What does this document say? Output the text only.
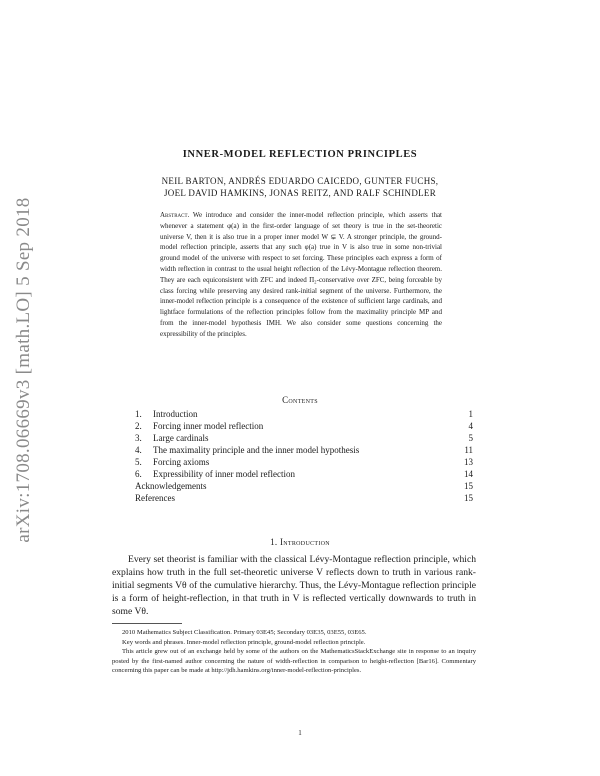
arXiv:1708.06669v3 [math.LO] 5 Sep 2018
INNER-MODEL REFLECTION PRINCIPLES
NEIL BARTON, ANDRÉS EDUARDO CAICEDO, GUNTER FUCHS,
JOEL DAVID HAMKINS, JONAS REITZ, AND RALF SCHINDLER
Abstract. We introduce and consider the inner-model reflection principle, which asserts that whenever a statement φ(a) in the first-order language of set theory is true in the set-theoretic universe V, then it is also true in a proper inner model W ⊊ V. A stronger principle, the ground-model reflection principle, asserts that any such φ(a) true in V is also true in some non-trivial ground model of the universe with respect to set forcing. These principles each express a form of width reflection in contrast to the usual height reflection of the Lévy-Montague reflection theorem. They are each equiconsistent with ZFC and indeed Π₂-conservative over ZFC, being forceable by class forcing while preserving any desired rank-initial segment of the universe. Furthermore, the inner-model reflection principle is a consequence of the existence of sufficient large cardinals, and lightface formulations of the reflection principles follow from the maximality principle MP and from the inner-model hypothesis IMH. We also consider some questions concerning the expressibility of the principles.
Contents
1.	Introduction	1
2.	Forcing inner model reflection	4
3.	Large cardinals	5
4.	The maximality principle and the inner model hypothesis	11
5.	Forcing axioms	13
6.	Expressibility of inner model reflection	14
Acknowledgements	15
References	15
1. Introduction
Every set theorist is familiar with the classical Lévy-Montague reflection principle, which explains how truth in the full set-theoretic universe V reflects down to truth in various rank-initial segments Vθ of the cumulative hierarchy. Thus, the Lévy-Montague reflection principle is a form of height-reflection, in that truth in V is reflected vertically downwards to truth in some Vθ.

2010 Mathematics Subject Classification. Primary 03E45; Secondary 03E35, 03E55, 03E65.

Key words and phrases. Inner-model reflection principle, ground-model reflection principle.

This article grew out of an exchange held by some of the authors on the MathematicsStackExchange site in response to an inquiry posted by the first-named author concerning the nature of width-reflection in comparison to height-reflection [Bar16]. Commentary concerning this paper can be made at http://jdh.hamkins.org/inner-model-reflection-principles.

1
